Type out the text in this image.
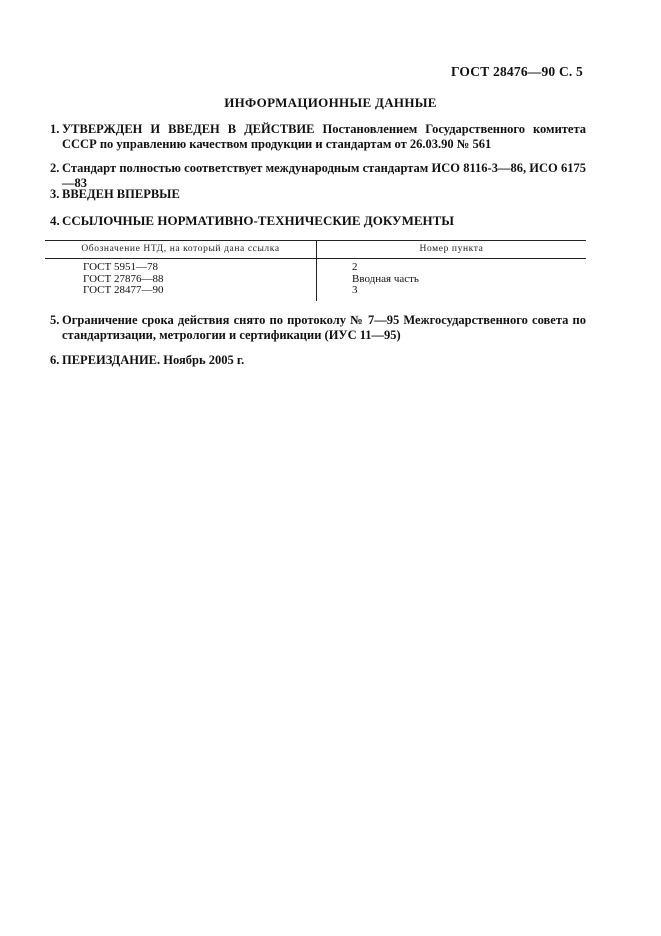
ГОСТ 28476—90 С. 5
ИНФОРМАЦИОННЫЕ ДАННЫЕ
1. УТВЕРЖДЕН И ВВЕДЕН В ДЕЙСТВИЕ Постановлением Государственного комитета СССР по управлению качеством продукции и стандартам от 26.03.90 № 561
2. Стандарт полностью соответствует международным стандартам ИСО 8116-3—86, ИСО 6175—83
3. ВВЕДЕН ВПЕРВЫЕ
4. ССЫЛОЧНЫЕ НОРМАТИВНО-ТЕХНИЧЕСКИЕ ДОКУМЕНТЫ
Обозначение НТД, на который дана ссылка	Номер пункта
ГОСТ 5951—78
ГОСТ 27876—88
ГОСТ 28477—90
2
Вводная часть
3
5. Ограничение срока действия снято по протоколу № 7—95 Межгосударственного совета по стандартизации, метрологии и сертификации (ИУС 11—95)
6. ПЕРЕИЗДАНИЕ. Ноябрь 2005 г.
